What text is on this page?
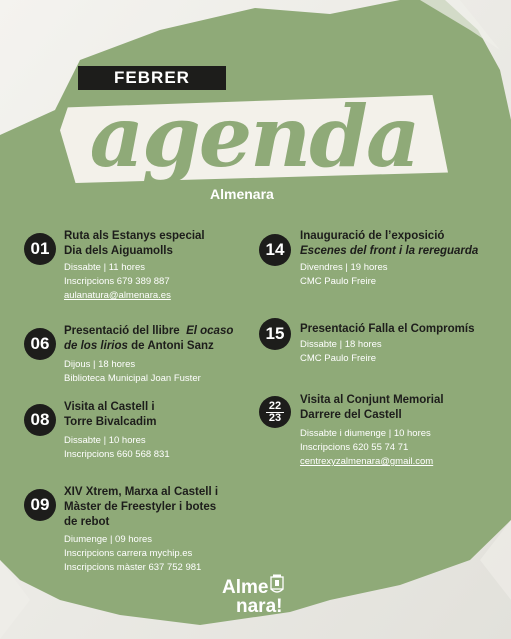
FEBRER
agenda
Almenara
01
Ruta als Estanys especial
Dia dels Aiguamolls
Dissabte | 11 hores
Inscripcions 679 389 887
aulanatura@almenara.es
06
Presentació del llibre El ocaso
de los lirios de Antoni Sanz
Dijous | 18 hores
Biblioteca Municipal Joan Fuster
08
Visita al Castell i
Torre Bivalcadim
Dissabte | 10 hores
Inscripcions 660 568 831
09
XIV Xtrem, Marxa al Castell i
Màster de Freestyler i botes
de rebot
Diumenge | 09 hores
Inscripcions carrera mychip.es
Inscripcions màster 637 752 981
14
Inauguració de l’exposició
Escenes del front i la rereguarda
Divendres | 19 hores
CMC Paulo Freire
15	Presentació Falla el Compromís
Dissabte | 18 hores
CMC Paulo Freire
22
23
Visita al Conjunt Memorial
Darrere del Castell
Dissabte i diumenge | 10 hores
Inscripcions 620 55 74 71
centrexyzalmenara@gmail.com
Alme
nara!
